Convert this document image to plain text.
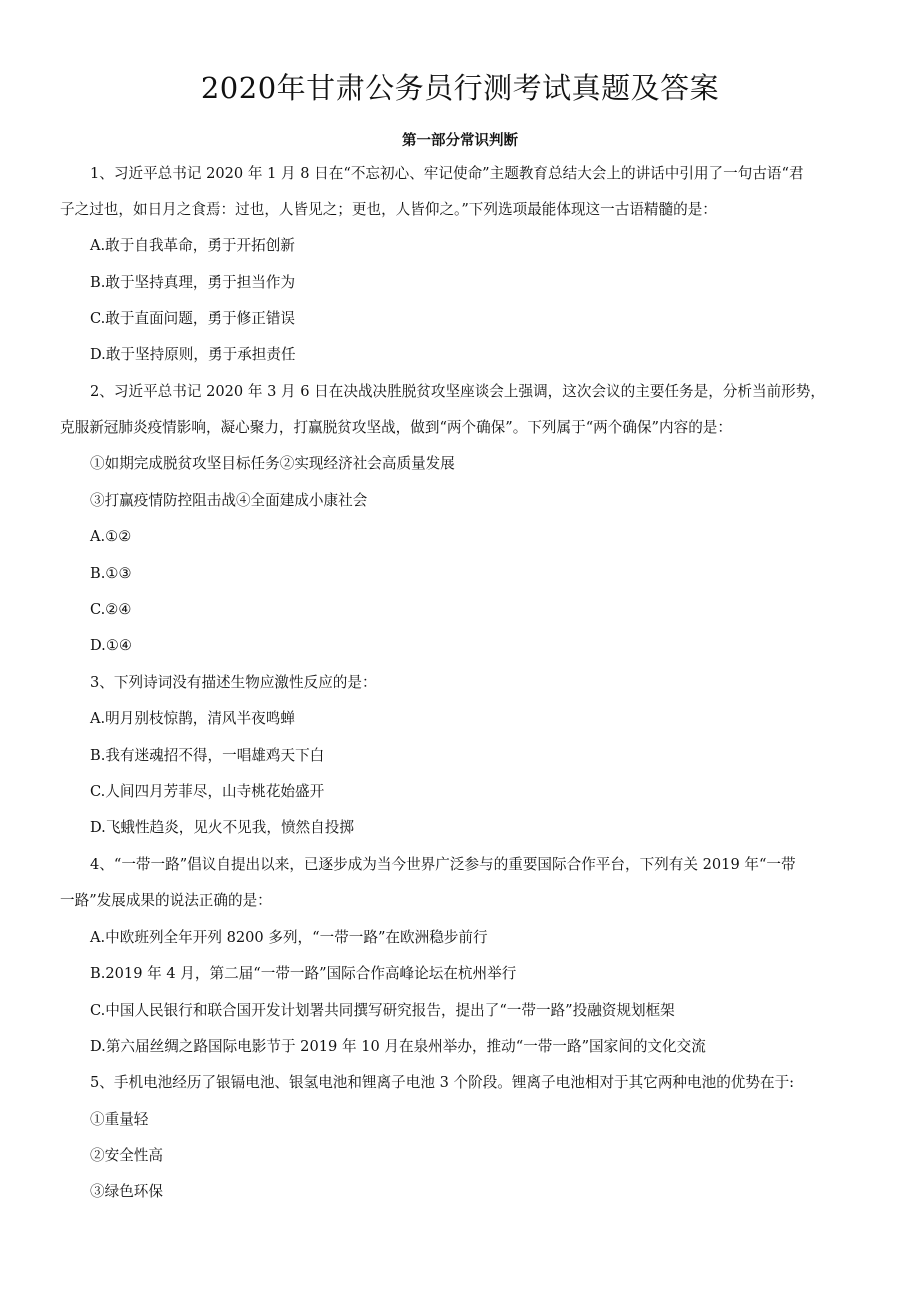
2020年甘肃公务员行测考试真题及答案
第一部分常识判断

1、习近平总书记 2020 年 1 月 8 日在“不忘初心、牢记使命”主题教育总结大会上的讲话中引用了一句古语“君

子之过也，如日月之食焉：过也，人皆见之；更也，人皆仰之。”下列选项最能体现这一古语精髓的是：

A.敢于自我革命，勇于开拓创新

B.敢于坚持真理，勇于担当作为

C.敢于直面问题，勇于修正错误

D.敢于坚持原则，勇于承担责任

2、习近平总书记 2020 年 3 月 6 日在决战决胜脱贫攻坚座谈会上强调，这次会议的主要任务是，分析当前形势，

克服新冠肺炎疫情影响，凝心聚力，打赢脱贫攻坚战，做到“两个确保”。下列属于“两个确保”内容的是：

①如期完成脱贫攻坚目标任务②实现经济社会高质量发展

③打赢疫情防控阻击战④全面建成小康社会

A.①②

B.①③

C.②④

D.①④

3、下列诗词没有描述生物应激性反应的是：

A.明月别枝惊鹊，清风半夜鸣蝉

B.我有迷魂招不得，一唱雄鸡天下白

C.人间四月芳菲尽，山寺桃花始盛开

D.飞蛾性趋炎，见火不见我，愤然自投掷

4、“一带一路”倡议自提出以来，已逐步成为当今世界广泛参与的重要国际合作平台，下列有关 2019 年“一带

一路”发展成果的说法正确的是：

A.中欧班列全年开列 8200 多列，“一带一路”在欧洲稳步前行

B.2019 年 4 月，第二届“一带一路”国际合作高峰论坛在杭州举行

C.中国人民银行和联合国开发计划署共同撰写研究报告，提出了“一带一路”投融资规划框架

D.第六届丝绸之路国际电影节于 2019 年 10 月在泉州举办，推动“一带一路”国家间的文化交流

5、手机电池经历了银镉电池、银氢电池和锂离子电池 3 个阶段。锂离子电池相对于其它两种电池的优势在于:

①重量轻

②安全性高

③绿色环保
